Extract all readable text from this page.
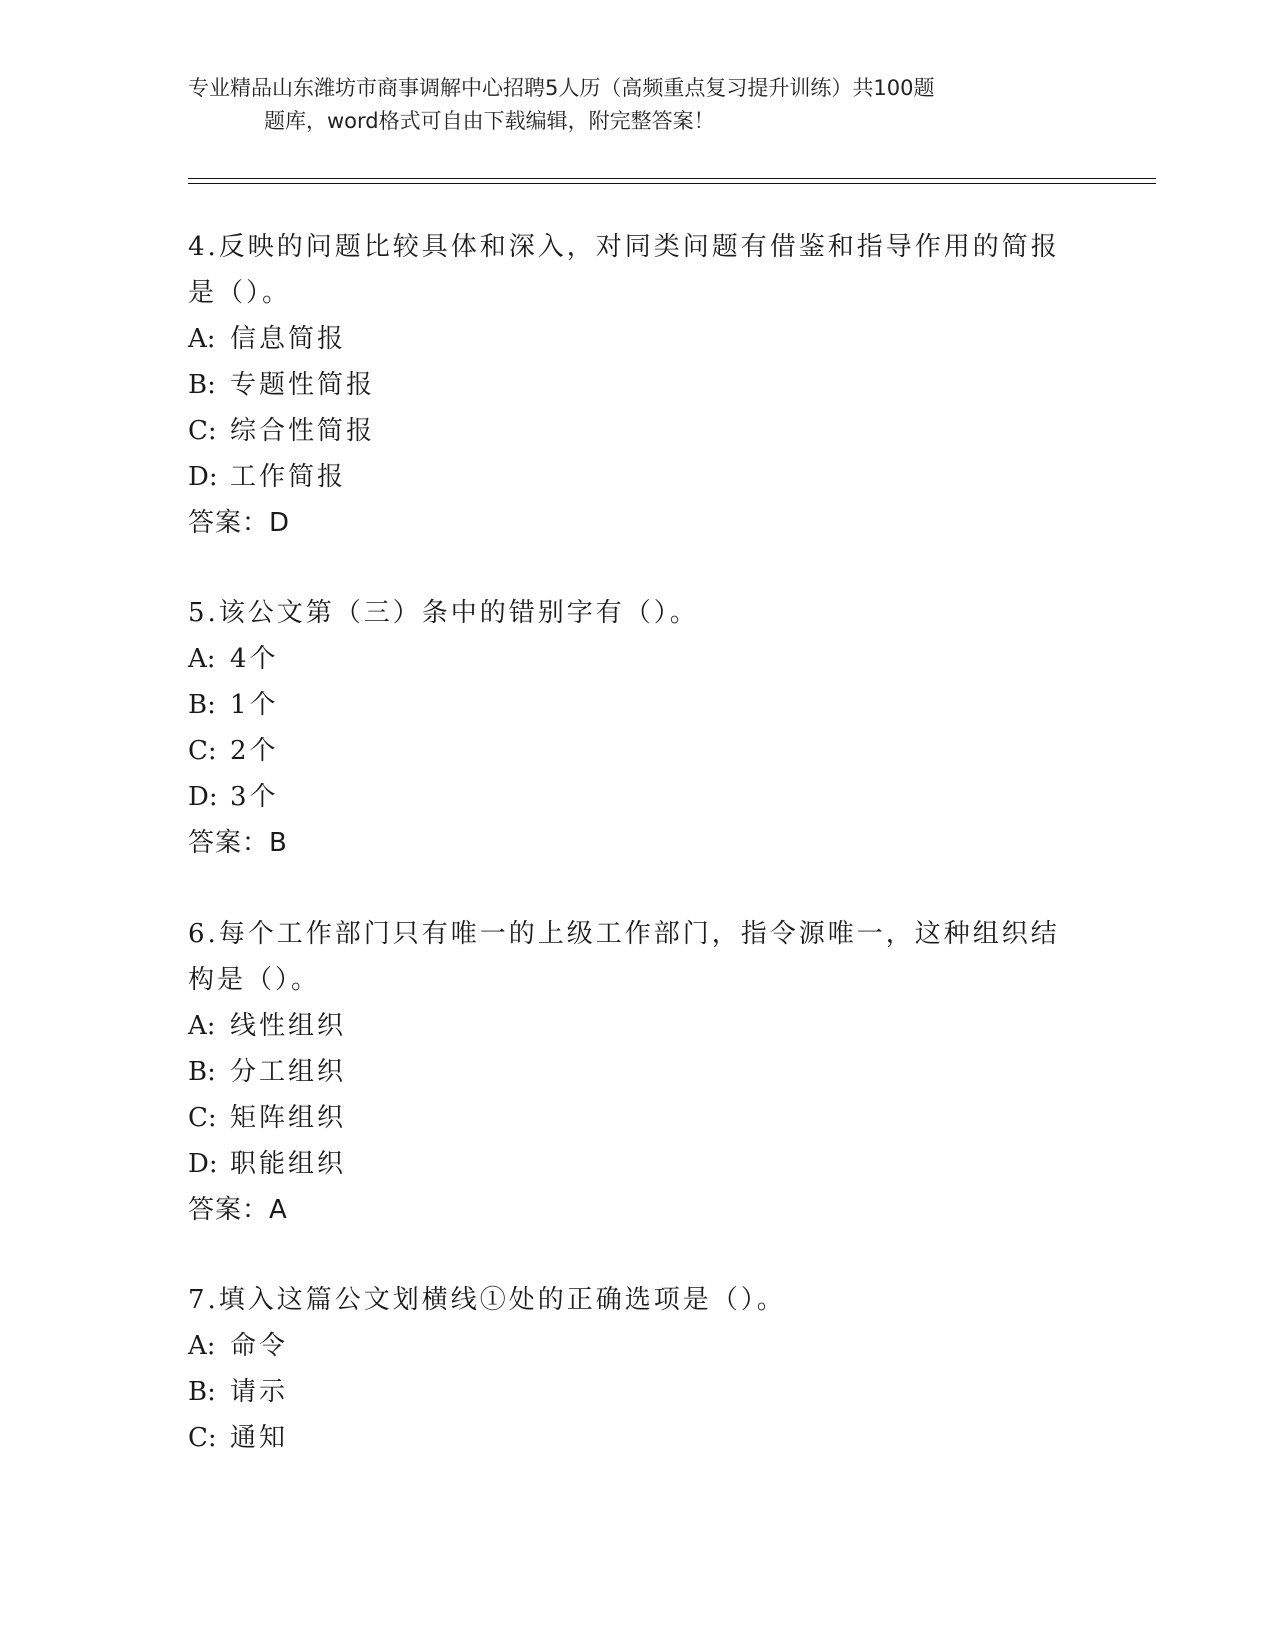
专业精品山东潍坊市商事调解中心招聘5人历（高频重点复习提升训练）共100题
题库，word格式可自由下载编辑，附完整答案！
4.反映的问题比较具体和深入，对同类问题有借鉴和指导作用的简报
是（）。
A: 信息简报
B: 专题性简报
C: 综合性简报
D: 工作简报
答案：D
5.该公文第（三）条中的错别字有（）。
A: 4个
B: 1个
C: 2个
D: 3个
答案：B
6.每个工作部门只有唯一的上级工作部门，指令源唯一，这种组织结
构是（）。
A: 线性组织
B: 分工组织
C: 矩阵组织
D: 职能组织
答案：A
7.填入这篇公文划横线①处的正确选项是（）。
A: 命令
B: 请示
C: 通知
